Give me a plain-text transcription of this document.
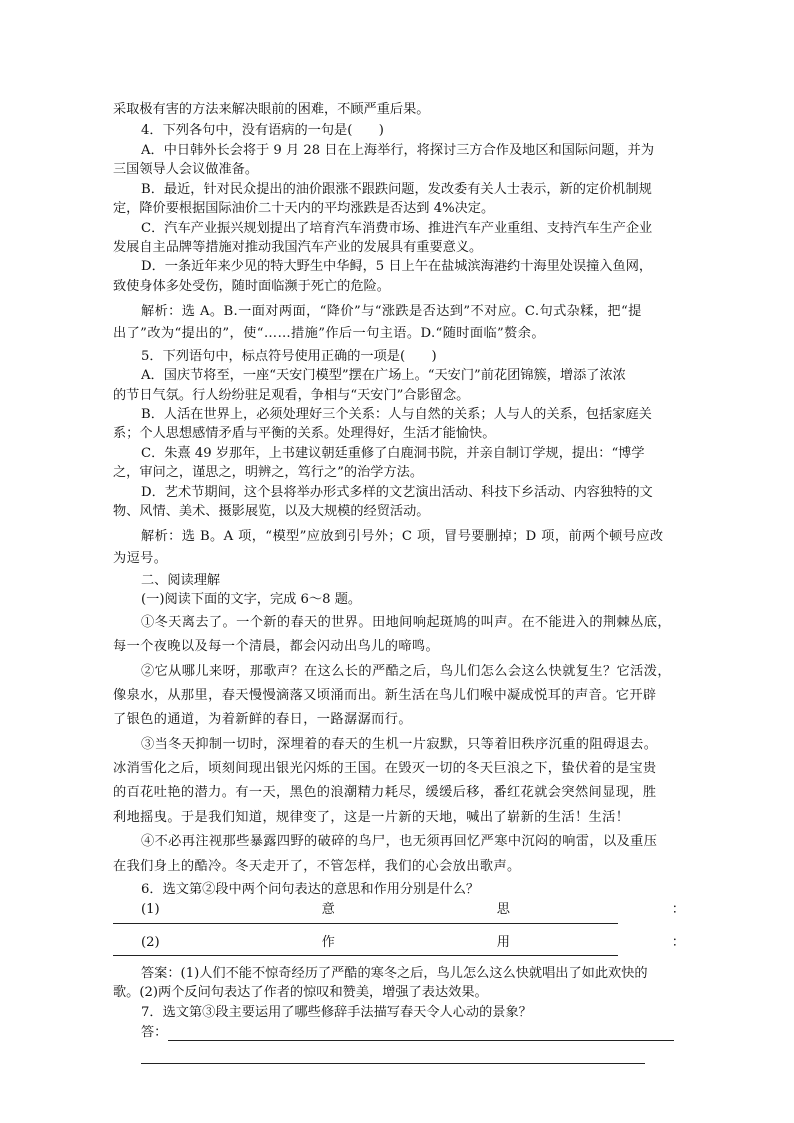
采取极有害的方法来解决眼前的困难，不顾严重后果。
4．下列各句中，没有语病的一句是(　　)
A．中日韩外长会将于 9 月 28 日在上海举行，将探讨三方合作及地区和国际问题，并为
三国领导人会议做准备。
B．最近，针对民众提出的油价跟涨不跟跌问题，发改委有关人士表示，新的定价机制规
定，降价要根据国际油价二十天内的平均涨跌是否达到 4%决定。
C．汽车产业振兴规划提出了培育汽车消费市场、推进汽车产业重组、支持汽车生产企业
发展自主品牌等措施对推动我国汽车产业的发展具有重要意义。
D．一条近年来少见的特大野生中华鲟，5 日上午在盐城滨海港约十海里处误撞入鱼网，
致使身体多处受伤，随时面临濒于死亡的危险。
解析：选 A。B.一面对两面，“降价”与“涨跌是否达到”不对应。C.句式杂糅，把“提
出了”改为“提出的”，使“……措施”作后一句主语。D.“随时面临”赘余。
5．下列语句中，标点符号使用正确的一项是(　　)
A．国庆节将至，一座“天安门模型”摆在广场上。“天安门”前花团锦簇，增添了浓浓
的节日气氛。行人纷纷驻足观看，争相与“天安门”合影留念。
B．人活在世界上，必须处理好三个关系：人与自然的关系；人与人的关系，包括家庭关
系；个人思想感情矛盾与平衡的关系。处理得好，生活才能愉快。
C．朱熹 49 岁那年，上书建议朝廷重修了白鹿洞书院，并亲自制订学规，提出：“博学
之，审问之，谨思之，明辨之，笃行之”的治学方法。
D．艺术节期间，这个县将举办形式多样的文艺演出活动、科技下乡活动、内容独特的文
物、风情、美术、摄影展览，以及大规模的经贸活动。
解析：选 B。A 项，“模型”应放到引号外；C 项，冒号要删掉；D 项，前两个顿号应改
为逗号。
二、阅读理解
(一)阅读下面的文字，完成 6～8 题。
①冬天离去了。一个新的春天的世界。田地间响起斑鸠的叫声。在不能进入的荆棘丛底，
每一个夜晚以及每一个清晨，都会闪动出鸟儿的啼鸣。
②它从哪儿来呀，那歌声？在这么长的严酷之后，鸟儿们怎么会这么快就复生？它活泼，
像泉水，从那里，春天慢慢滴落又顷涌而出。新生活在鸟儿们喉中凝成悦耳的声音。它开辟
了银色的通道，为着新鲜的春日，一路潺潺而行。
③当冬天抑制一切时，深埋着的春天的生机一片寂默，只等着旧秩序沉重的阻碍退去。
冰消雪化之后，顷刻间现出银光闪烁的王国。在毁灭一切的冬天巨浪之下，蛰伏着的是宝贵
的百花吐艳的潜力。有一天，黑色的浪潮精力耗尽，缓缓后移，番红花就会突然间显现，胜
利地摇曳。于是我们知道，规律变了，这是一片新的天地，喊出了崭新的生活！生活！
④不必再注视那些暴露四野的破碎的鸟尸，也无须再回忆严寒中沉闷的响雷，以及重压
在我们身上的酷冷。冬天走开了，不管怎样，我们的心会放出歌声。
6．选文第②段中两个问句表达的意思和作用分别是什么？
(1)	意	思	：
(2)	作	用	：
答案：(1)人们不能不惊奇经历了严酷的寒冬之后，鸟儿怎么这么快就唱出了如此欢快的
歌。(2)两个反问句表达了作者的惊叹和赞美，增强了表达效果。
7．选文第③段主要运用了哪些修辞手法描写春天令人心动的景象？
答：
